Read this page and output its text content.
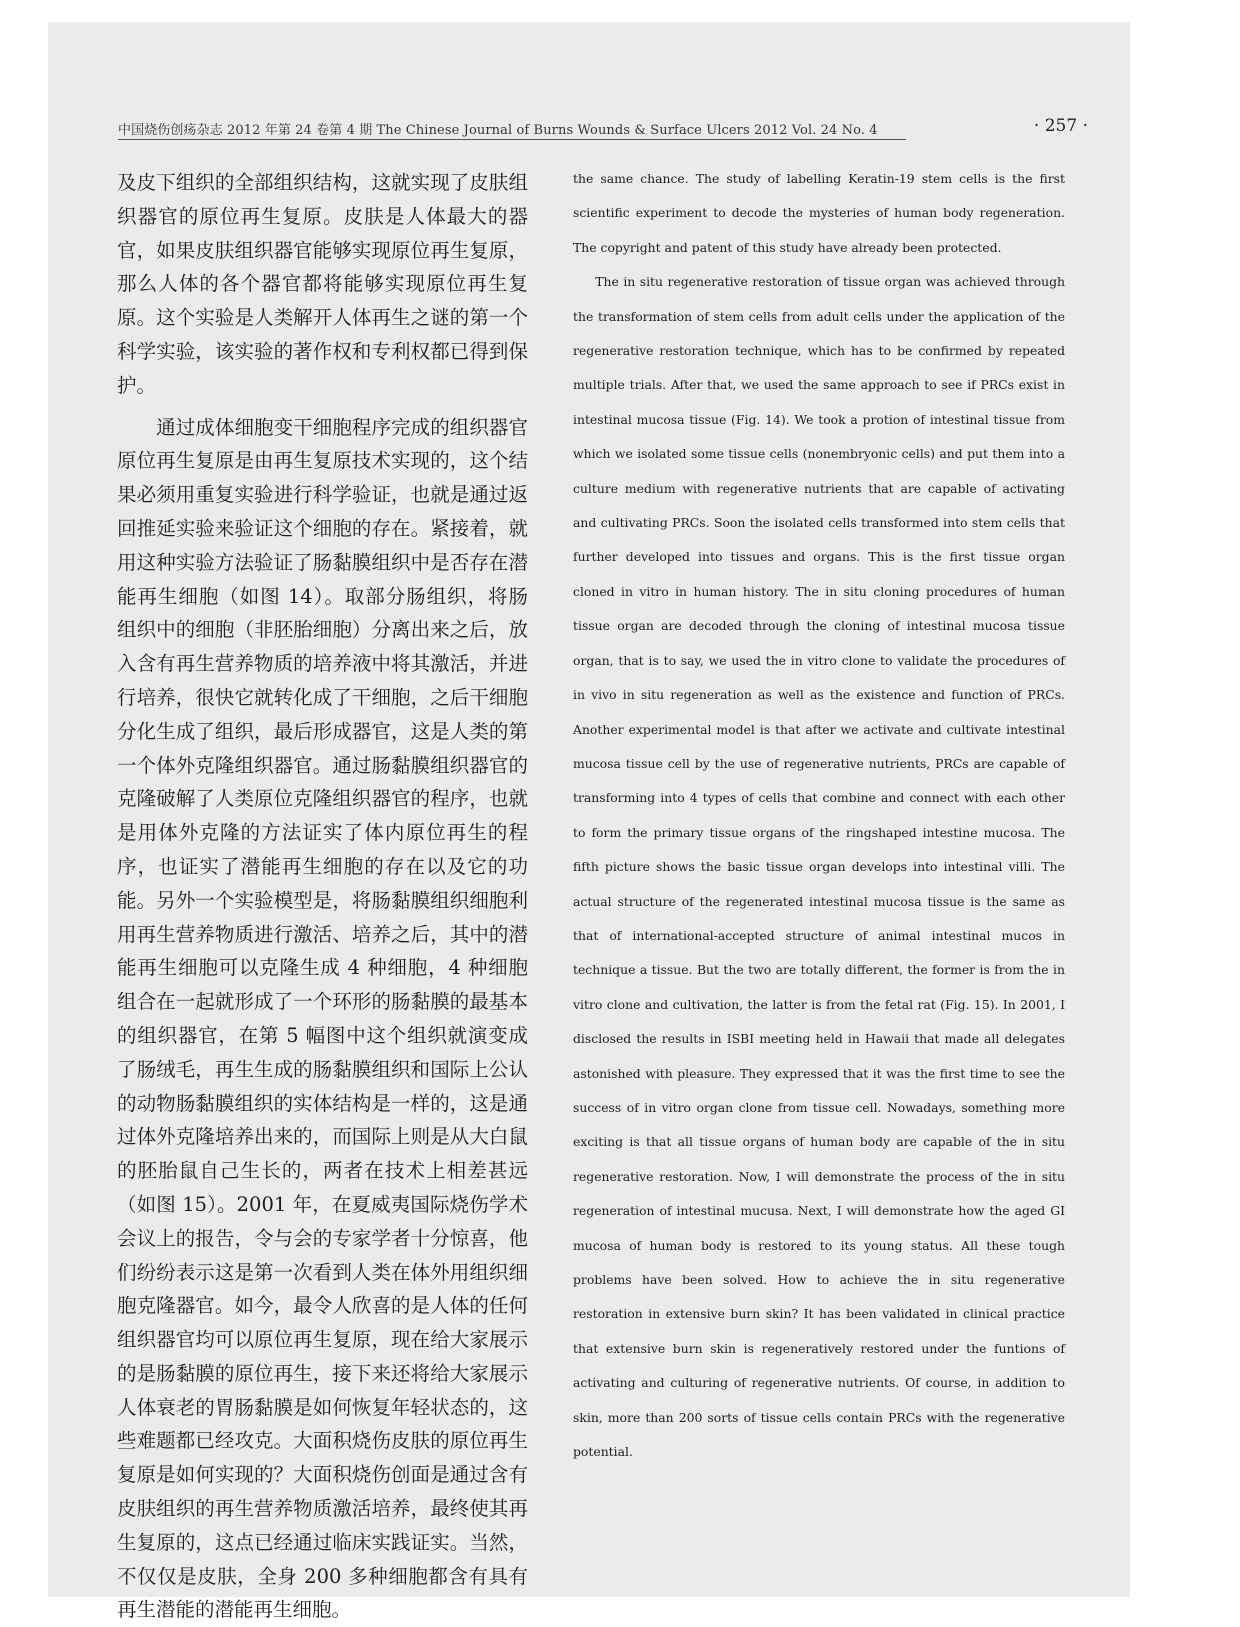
中国烧伤创疡杂志 2012 年第 24 卷第 4 期 The Chinese Journal of Burns Wounds & Surface Ulcers 2012 Vol. 24 No. 4	· 257 ·

及皮下组织的全部组织结构，这就实现了皮肤组织器官的原位再生复原。皮肤是人体最大的器官，如果皮肤组织器官能够实现原位再生复原，那么人体的各个器官都将能够实现原位再生复原。这个实验是人类解开人体再生之谜的第一个科学实验，该实验的著作权和专利权都已得到保护。

　　通过成体细胞变干细胞程序完成的组织器官原位再生复原是由再生复原技术实现的，这个结果必须用重复实验进行科学验证，也就是通过返回推延实验来验证这个细胞的存在。紧接着，就用这种实验方法验证了肠黏膜组织中是否存在潜能再生细胞（如图 14）。取部分肠组织，将肠组织中的细胞（非胚胎细胞）分离出来之后，放入含有再生营养物质的培养液中将其激活，并进行培养，很快它就转化成了干细胞，之后干细胞分化生成了组织，最后形成器官，这是人类的第一个体外克隆组织器官。通过肠黏膜组织器官的克隆破解了人类原位克隆组织器官的程序，也就是用体外克隆的方法证实了体内原位再生的程序，也证实了潜能再生细胞的存在以及它的功能。另外一个实验模型是，将肠黏膜组织细胞利用再生营养物质进行激活、培养之后，其中的潜能再生细胞可以克隆生成 4 种细胞，4 种细胞组合在一起就形成了一个环形的肠黏膜的最基本的组织器官，在第 5 幅图中这个组织就演变成了肠绒毛，再生生成的肠黏膜组织和国际上公认的动物肠黏膜组织的实体结构是一样的，这是通过体外克隆培养出来的，而国际上则是从大白鼠的胚胎鼠自己生长的，两者在技术上相差甚远（如图 15）。2001 年，在夏威夷国际烧伤学术会议上的报告，令与会的专家学者十分惊喜，他们纷纷表示这是第一次看到人类在体外用组织细胞克隆器官。如今，最令人欣喜的是人体的任何组织器官均可以原位再生复原，现在给大家展示的是肠黏膜的原位再生，接下来还将给大家展示人体衰老的胃肠黏膜是如何恢复年轻状态的，这些难题都已经攻克。大面积烧伤皮肤的原位再生复原是如何实现的？大面积烧伤创面是通过含有皮肤组织的再生营养物质激活培养，最终使其再生复原的，这点已经通过临床实践证实。当然，不仅仅是皮肤，全身 200 多种细胞都含有具有再生潜能的潜能再生细胞。

the same chance. The study of labelling Keratin-19 stem cells is the first scientific experiment to decode the mysteries of human body regeneration. The copyright and patent of this study have already been protected.

The in situ regenerative restoration of tissue organ was achieved through the transformation of stem cells from adult cells under the application of the regenerative restoration technique, which has to be confirmed by repeated multiple trials. After that, we used the same approach to see if PRCs exist in intestinal mucosa tissue (Fig. 14). We took a protion of intestinal tissue from which we isolated some tissue cells (nonembryonic cells) and put them into a culture medium with regenerative nutrients that are capable of activating and cultivating PRCs. Soon the isolated cells transformed into stem cells that further developed into tissues and organs. This is the first tissue organ cloned in vitro in human history. The in situ cloning procedures of human tissue organ are decoded through the cloning of intestinal mucosa tissue organ, that is to say, we used the in vitro clone to validate the procedures of in vivo in situ regeneration as well as the existence and function of PRCs. Another experimental model is that after we activate and cultivate intestinal mucosa tissue cell by the use of regenerative nutrients, PRCs are capable of transforming into 4 types of cells that combine and connect with each other to form the primary tissue organs of the ringshaped intestine mucosa. The fifth picture shows the basic tissue organ develops into intestinal villi. The actual structure of the regenerated intestinal mucosa tissue is the same as that of international-accepted structure of animal intestinal mucos in technique a tissue. But the two are totally different, the former is from the in vitro clone and cultivation, the latter is from the fetal rat (Fig. 15). In 2001, I disclosed the results in ISBI meeting held in Hawaii that made all delegates astonished with pleasure. They expressed that it was the first time to see the success of in vitro organ clone from tissue cell. Nowadays, something more exciting is that all tissue organs of human body are capable of the in situ regenerative restoration. Now, I will demonstrate the process of the in situ regeneration of intestinal mucusa. Next, I will demonstrate how the aged GI mucosa of human body is restored to its young status. All these tough problems have been solved. How to achieve the in situ regenerative restoration in extensive burn skin? It has been validated in clinical practice that extensive burn skin is regeneratively restored under the funtions of activating and culturing of regenerative nutrients. Of course, in addition to skin, more than 200 sorts of tissue cells contain PRCs with the regenerative potential.
